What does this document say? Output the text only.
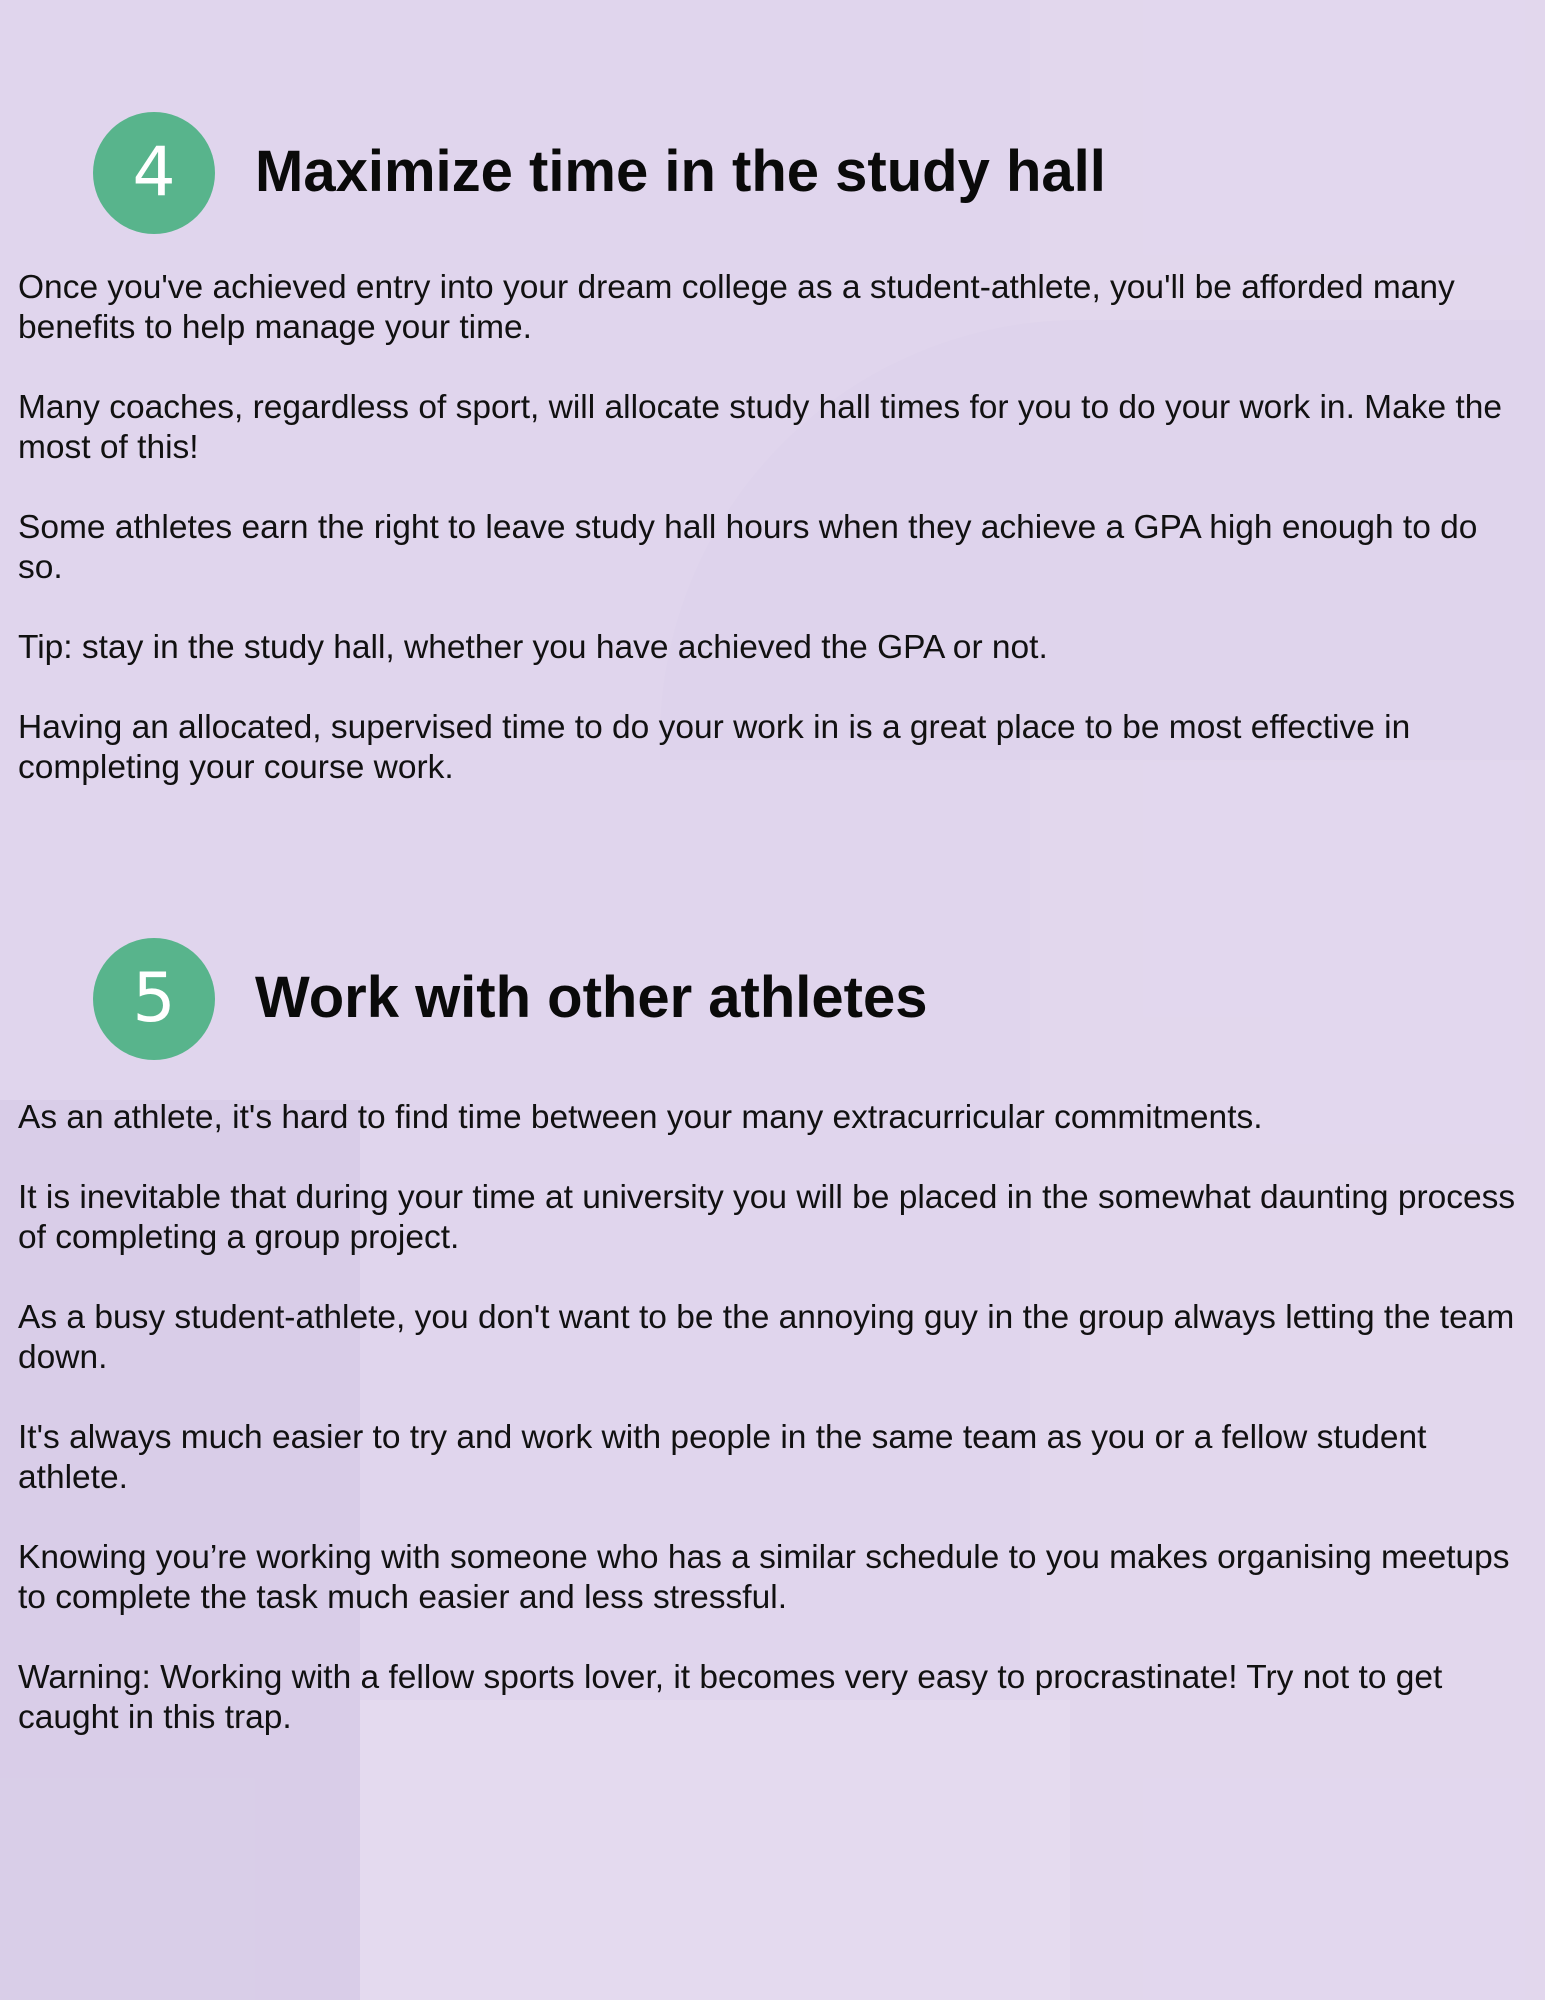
4	Maximize time in the study hall

Once you've achieved entry into your dream college as a student-athlete, you'll be afforded many benefits to help manage your time.

Many coaches, regardless of sport, will allocate study hall times for you to do your work in. Make the most of this!

Some athletes earn the right to leave study hall hours when they achieve a GPA high enough to do so.

Tip: stay in the study hall, whether you have achieved the GPA or not.

Having an allocated, supervised time to do your work in is a great place to be most effective in completing your course work.

5	Work with other athletes

As an athlete, it's hard to find time between your many extracurricular commitments.

It is inevitable that during your time at university you will be placed in the somewhat daunting process of completing a group project.

As a busy student-athlete, you don't want to be the annoying guy in the group always letting the team down.

It's always much easier to try and work with people in the same team as you or a fellow student athlete.

Knowing you’re working with someone who has a similar schedule to you makes organising meetups to complete the task much easier and less stressful.

Warning: Working with a fellow sports lover, it becomes very easy to procrastinate! Try not to get caught in this trap.
